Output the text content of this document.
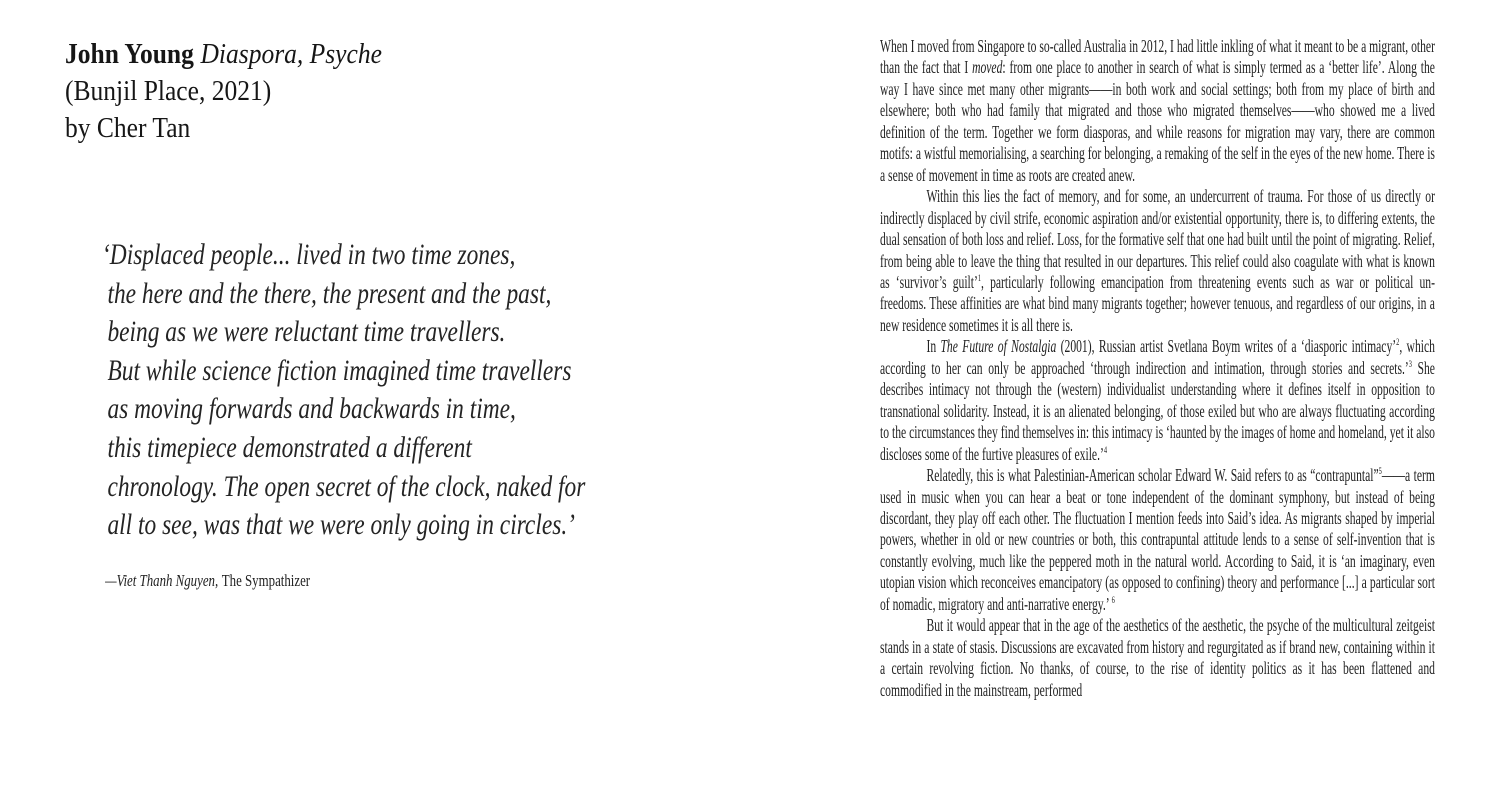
John Young Diaspora, Psyche
(Bunjil Place, 2021)
by Cher Tan
‘Displaced people... lived in two time zones,
the here and the there, the present and the past,
being as we were reluctant time travellers.
But while science fiction imagined time travellers
as moving forwards and backwards in time,
this timepiece demonstrated a different
chronology. The open secret of the clock, naked for
all to see, was that we were only going in circles.’

—Viet Thanh Nguyen, The Sympathizer

When I moved from Singapore to so-called Australia in 2012, I had little inkling of what it meant to be a migrant, other than the fact that I moved: from one place to another in search of what is simply termed as a ‘better life’. Along the way I have since met many other migrants——in both work and social settings; both from my place of birth and elsewhere; both who had family that migrated and those who migrated themselves——who showed me a lived definition of the term. Together we form diasporas, and while reasons for migration may vary, there are common motifs: a wistful memorialising, a searching for belonging, a remaking of the self in the eyes of the new home. There is a sense of movement in time as roots are created anew.

Within this lies the fact of memory, and for some, an undercurrent of trauma. For those of us directly or indirectly displaced by civil strife, economic aspiration and/or existential opportunity, there is, to differing extents, the dual sensation of both loss and relief. Loss, for the formative self that one had built until the point of migrating. Relief, from being able to leave the thing that resulted in our departures. This relief could also coagulate with what is known as ‘survivor’s guilt’$^1$, particularly following emancipation from threatening events such as war or political un-freedoms. These affinities are what bind many migrants together; however tenuous, and regardless of our origins, in a new residence sometimes it is all there is.

In The Future of Nostalgia (2001), Russian artist Svetlana Boym writes of a ‘diasporic intimacy’$^2$, which according to her can only be approached ‘through indirection and intimation, through stories and secrets.’$^3$ She describes intimacy not through the (western) individualist understanding where it defines itself in opposition to transnational solidarity. Instead, it is an alienated belonging, of those exiled but who are always fluctuating according to the circumstances they find themselves in: this intimacy is ‘haunted by the images of home and homeland, yet it also discloses some of the furtive pleasures of exile.’$^4$

Relatedly, this is what Palestinian-American scholar Edward W. Said refers to as “contrapuntal”$^5$——a term used in music when you can hear a beat or tone independent of the dominant symphony, but instead of being discordant, they play off each other. The fluctuation I mention feeds into Said’s idea. As migrants shaped by imperial powers, whether in old or new countries or both, this contrapuntal attitude lends to a sense of self-invention that is constantly evolving, much like the peppered moth in the natural world. According to Said, it is ‘an imaginary, even utopian vision which reconceives emancipatory (as opposed to confining) theory and performance [...] a particular sort of nomadic, migratory and anti-narrative energy.’ $^6$

But it would appear that in the age of the aesthetics of the aesthetic, the psyche of the multicultural zeitgeist stands in a state of stasis. Discussions are excavated from history and regurgitated as if brand new, containing within it a certain revolving fiction. No thanks, of course, to the rise of identity politics as it has been flattened and commodified in the mainstream, performed
